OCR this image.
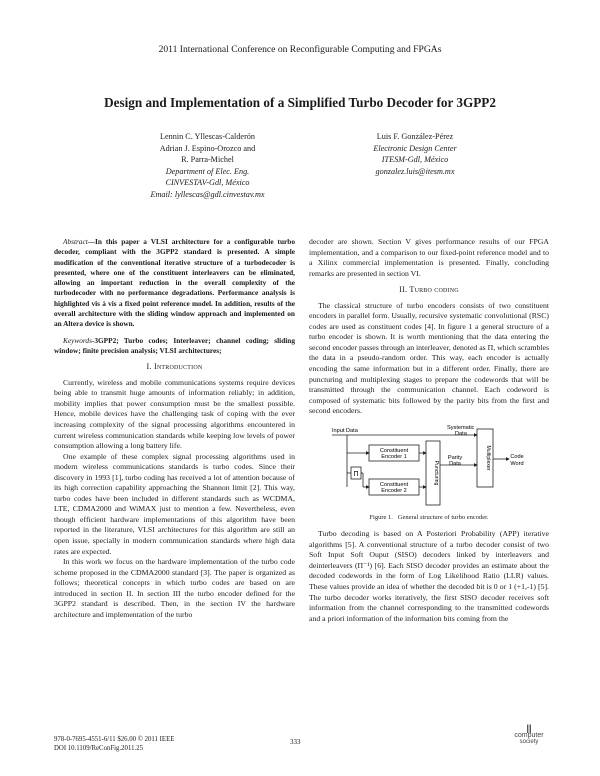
2011 International Conference on Reconfigurable Computing and FPGAs
Design and Implementation of a Simplified Turbo Decoder for 3GPP2
Lennin C. Yllescas-Calderón
Adrian J. Espino-Orozco and
R. Parra-Michel
Department of Elec. Eng.
CINVESTAV-Gdl, México
Email: lyllescas@gdl.cinvestav.mx
Luis F. González-Pérez
Electronic Design Center
ITESM-Gdl, México
gonzalez.luis@itesm.mx

Abstract—In this paper a VLSI architecture for a configurable turbo decoder, compliant with the 3GPP2 standard is presented. A simple modification of the conventional iterative structure of a turbodecoder is presented, where one of the constituent interleavers can be eliminated, allowing an important reduction in the overall complexity of the turbodecoder with no performance degradations. Performance analysis is highlighted vis à vis a fixed point reference model. In addition, results of the overall architecture with the sliding window approach and implemented on an Altera device is shown.

Keywords-3GPP2; Turbo codes; Interleaver; channel coding; sliding window; finite precision analysis; VLSI architectures;

I. Introduction

Currently, wireless and mobile communications systems require devices being able to transmit huge amounts of information reliably; in addition, mobility implies that power consumption must be the smallest possible. Hence, mobile devices have the challenging task of coping with the ever increasing complexity of the signal processing algorithms encountered in current wireless communication standards while keeping low levels of power consumption allowing a long battery life.

One example of these complex signal processing algorithms used in modern wireless communications standards is turbo codes. Since their discovery in 1993 [1], turbo coding has received a lot of attention because of its high correction capability approaching the Shannon limit [2]. This way, turbo codes have been included in different standards such as WCDMA, LTE, CDMA2000 and WiMAX just to mention a few. Nevertheless, even though efficient hardware implementations of this algorithm have been reported in the literature, VLSI architectures for this algorithm are still an open issue, specially in modern communication standards where high data rates are expected.

In this work we focus on the hardware implementation of the turbo code scheme proposed in the CDMA2000 standard [3]. The paper is organized as follows; theoretical concepts in which turbo codes are based on are introduced in section II. In section III the turbo encoder defined for the 3GPP2 standard is described. Then, in the section IV the hardware architecture and implementation of the turbo

decoder are shown. Section V gives performance results of our FPGA implementation, and a comparison to our fixed-point reference model and to a Xilinx commercial implementation is presented. Finally, concluding remarks are presented in section VI.

II. Turbo coding

The classical structure of turbo encoders consists of two constituent encoders in parallel form. Usually, recursive systematic convolutional (RSC) codes are used as constituent codes [4]. In figure 1 a general structure of a turbo encoder is shown. It is worth mentioning that the data entering the second encoder passes through an interleaver, denoted as Π, which scrambles the data in a pseudo-random order. This way, each encoder is actually encoding the same information but in a different order. Finally, there are puncturing and multiplexing stages to prepare the codewords that will be transmitted through the communication channel. Each codeword is composed of systematic bits followed by the parity bits from the first and second encoders.

Input Data	Systematic
Data
Constituent
Encoder 1
Constituent
Encoder 2
Π	Puncturing
Parity
Data	Multiplexer	Code
Word
Figure 1. General structure of turbo encoder.

Turbo decoding is based on A Posteriori Probability (APP) iterative algorithms [5]. A conventional structure of a turbo decoder consist of two Soft Input Soft Ouput (SISO) decoders linked by interleavers and deinterleavers (Π⁻¹) [6]. Each SISO decoder provides an estimate about the decoded codewords in the form of Log Likelihood Ratio (LLR) values. These values provide an idea of whether the decoded bit is 0 or 1 (+1,-1) [5]. The turbo decoder works iteratively, the first SISO decoder receives soft information from the channel corresponding to the transmitted codewords and a priori information of the information bits coming from the

978-0-7695-4551-6/11 $26.00 © 2011 IEEE
DOI 10.1109/ReConFig.2011.25
333
||
computer
society
